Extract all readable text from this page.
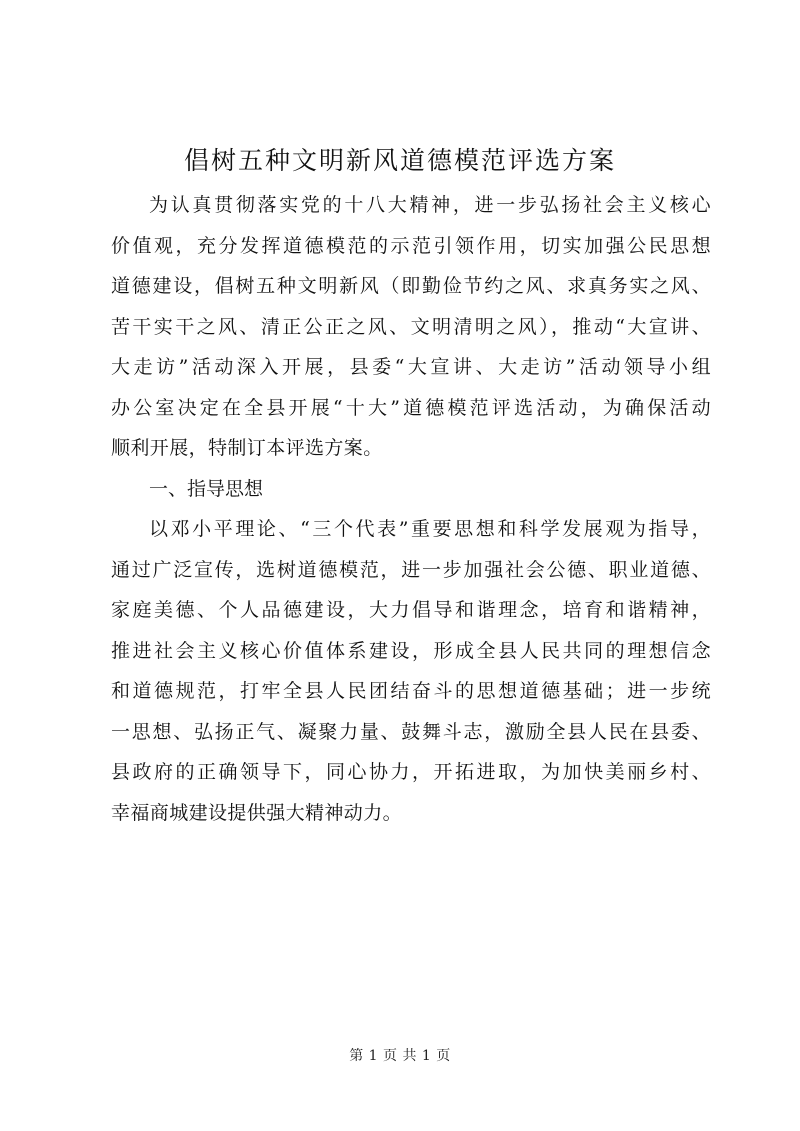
倡树五种文明新风道德模范评选方案

为认真贯彻落实党的十八大精神，进一步弘扬社会主义核心
价值观，充分发挥道德模范的示范引领作用，切实加强公民思想
道德建设，倡树五种文明新风（即勤俭节约之风、求真务实之风、
苦干实干之风、清正公正之风、文明清明之风），推动“大宣讲、
大走访”活动深入开展，县委“大宣讲、大走访”活动领导小组
办公室决定在全县开展“十大”道德模范评选活动，为确保活动
顺利开展，特制订本评选方案。

一、指导思想

以邓小平理论、“三个代表”重要思想和科学发展观为指导，
通过广泛宣传，选树道德模范，进一步加强社会公德、职业道德、
家庭美德、个人品德建设，大力倡导和谐理念，培育和谐精神，
推进社会主义核心价值体系建设，形成全县人民共同的理想信念
和道德规范，打牢全县人民团结奋斗的思想道德基础；进一步统
一思想、弘扬正气、凝聚力量、鼓舞斗志，激励全县人民在县委、
县政府的正确领导下，同心协力，开拓进取，为加快美丽乡村、
幸福商城建设提供强大精神动力。

第 1 页 共 1 页
